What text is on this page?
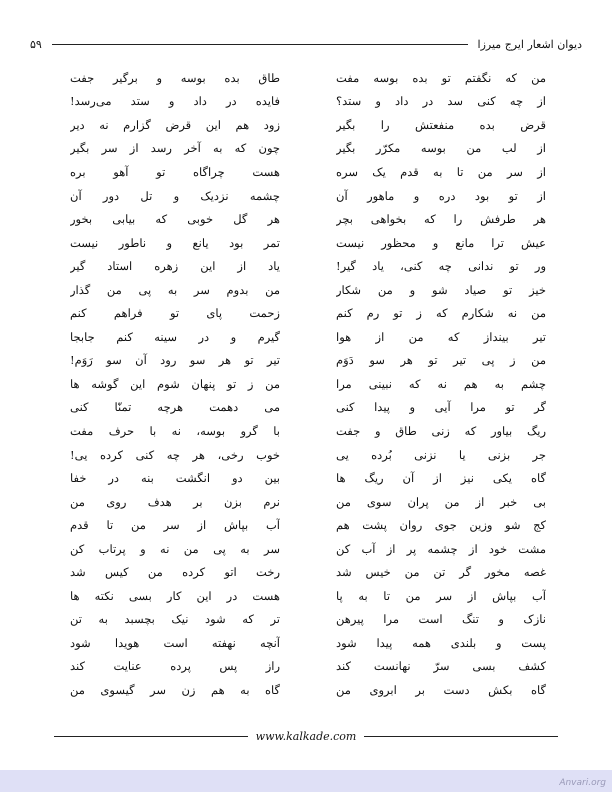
دیوان اشعار ایرج میرزا
۵۹
من که نگفتم تو بده بوسه مفت
طاق بده بوسه و برگیر جفت
از چه کنی سد در داد و ستد؟
فایده در داد و ستد می‌رسد!
قرض بده منفعتش را بگیر
زود هم این قرض گزارم نه دیر
از لب من بوسه مکرّر بگیر
چون که به آخر رسد از سر بگیر
از سر من تا به قدم یک سره
هست چراگاه تو آهو بره
از تو بود دره و ماهور آن
چشمه نزدیک و تل دور آن
هر طرفش را که بخواهی بچر
هر گل خوبی که بیابی بخور
عیش ترا مانع و محظور نیست
تمر بود یانع و ناطور نیست
ور تو ندانی چه کنی، یاد گیر!
یاد از این زهره استاد گیر
خیز تو صیاد شو و من شکار
من بدوم سر به پی من گذار
من نه شکارم که ز تو رم کنم
زحمت پای تو فراهم کنم
تیر بینداز که من از هوا
گیرم و در سینه کنم جابجا
من ز پی تیر تو هر سو دَوَم
تیر تو هر سو رود آن سو رَوَم!
چشم به هم نه که نبینی مرا
من ز تو پنهان شوم این گوشه ها
گر تو مرا آیی و پیدا کنی
می دهمت هرچه تمنّا کنی
ریگ بیاور که زنی طاق و جفت
با گرو بوسه، نه با حرف مفت
جر بزنی یا نزنی بُرده یی
خوب رخی، هر چه کنی کرده یی!
گاه یکی نیز از آن ریگ ها
بین دو انگشت بنه در خفا
بی خبر از من پران سوی من
نرم بزن بر هدف روی من
کج شو وزین جوی روان پشت هم
آب بپاش از سر من تا قدم
مشت خود از چشمه پر از آب کن
سر به پی من نه و پرتاب کن
غصه مخور گر تن من خیس شد
رخت اتو کرده من کیس شد
آب بپاش از سر من تا به پا
هست در این کار بسی نکته ها
نازک و تنگ است مرا پیرهن
تر که شود نیک بچسبد به تن
پست و بلندی همه پیدا شود
آنچه نهفته است هویدا شود
کشف بسی سرّ نهانست کند
راز پس پرده عنایت کند
گاه بکش دست بر ابروی من
گاه به هم زن سر گیسوی من
www.kalkade.com
Anvari.org
